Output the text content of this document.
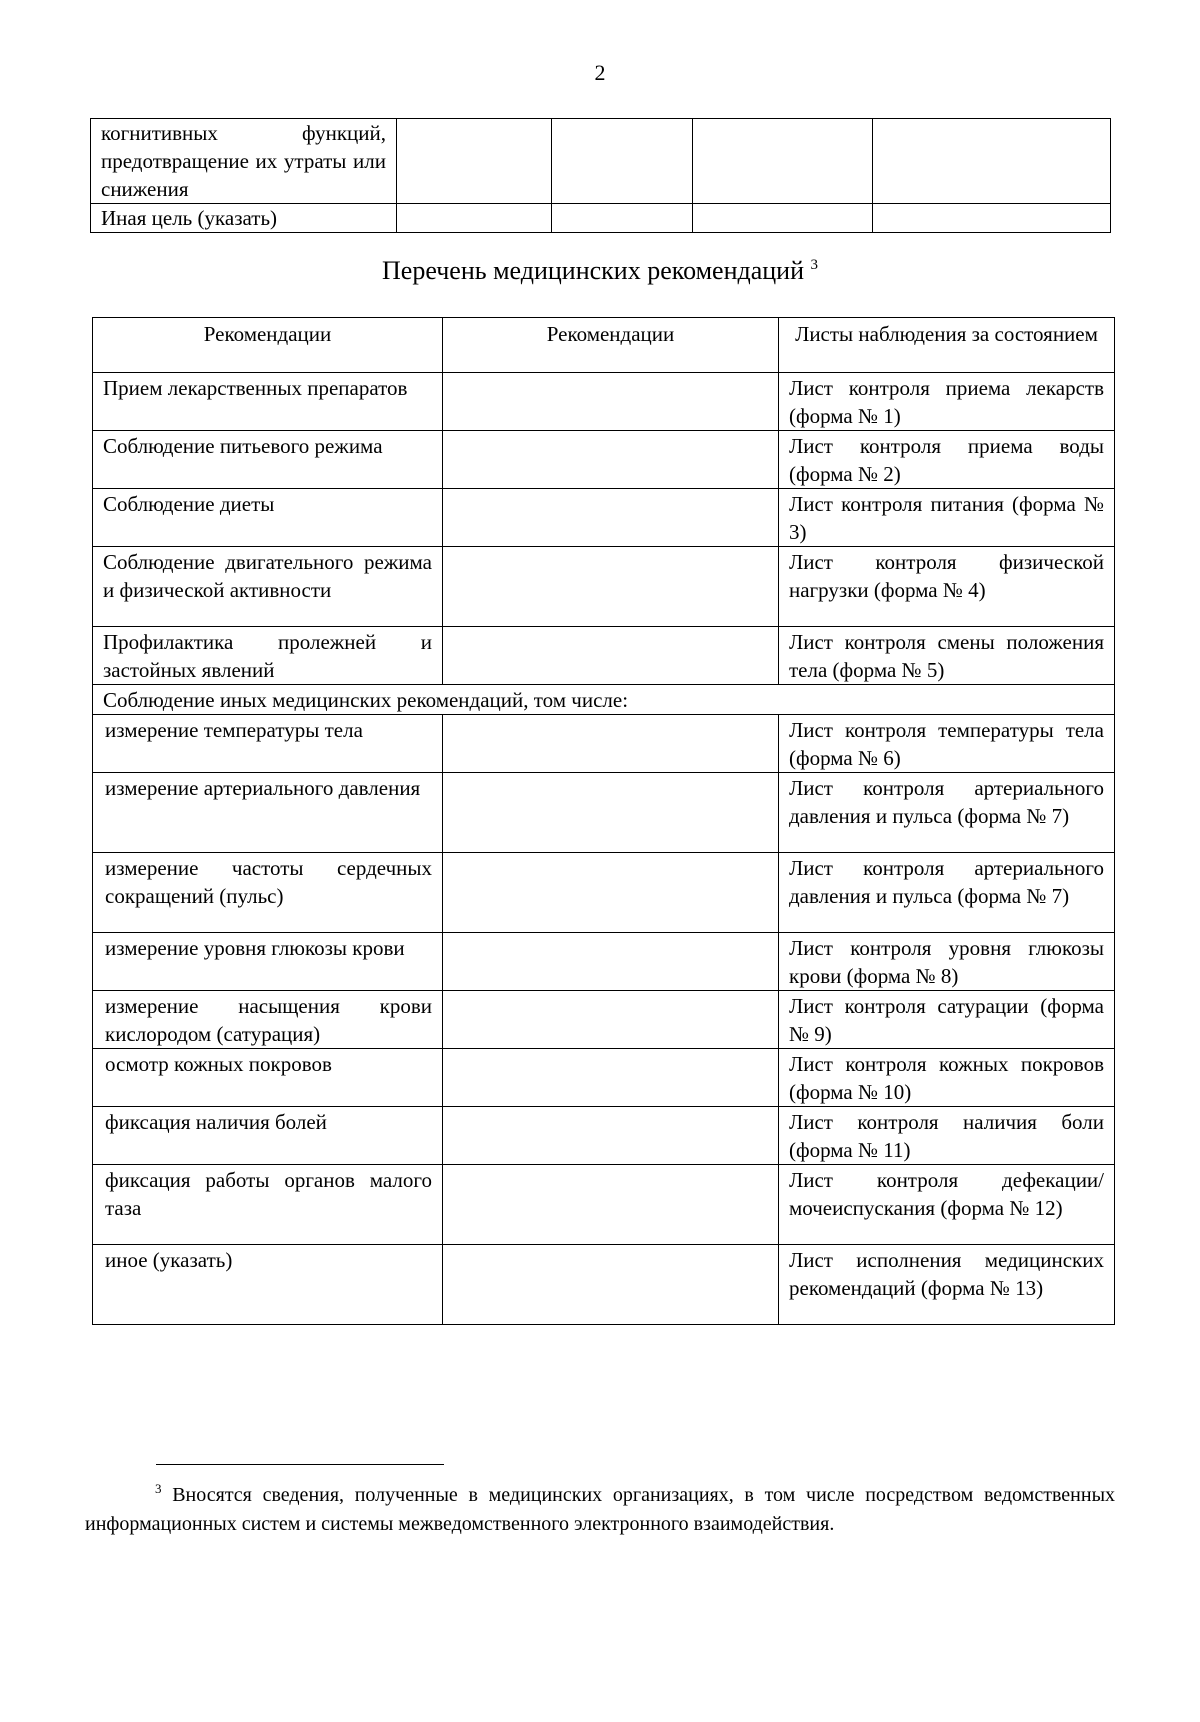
2
когнитивных функций, предотвращение их утраты или снижения				
Иная цель (указать)				
Перечень медицинских рекомендаций $^3$
Рекомендации	Рекомендации	Листы наблюдения за состоянием
Прием лекарственных препаратов		Лист контроля приема лекарств (форма № 1)
Соблюдение питьевого режима		Лист контроля приема воды (форма № 2)
Соблюдение диеты		Лист контроля питания (форма № 3)
Соблюдение двигательного режима и физической активности		Лист контроля физической нагрузки (форма № 4)
Профилактика пролежней и застойных явлений		Лист контроля смены положения тела (форма № 5)
Соблюдение иных медицинских рекомендаций, том числе:		
измерение температуры тела		Лист контроля температуры тела (форма № 6)
измерение артериального давления		Лист контроля артериального давления и пульса (форма № 7)
измерение частоты сердечных сокращений (пульс)		Лист контроля артериального давления и пульса (форма № 7)
измерение уровня глюкозы крови		Лист контроля уровня глюкозы крови (форма № 8)
измерение насыщения крови кислородом (сатурация)		Лист контроля сатурации (форма № 9)
осмотр кожных покровов		Лист контроля кожных покровов (форма № 10)
фиксация наличия болей		Лист контроля наличия боли (форма № 11)
фиксация работы органов малого таза		Лист контроля дефекации/мочеиспускания (форма № 12)
иное (указать)		Лист исполнения медицинских рекомендаций (форма № 13)
$^3$ Вносятся сведения, полученные в медицинских организациях, в том числе посредством ведомственных информационных систем и системы межведомственного электронного взаимодействия.
